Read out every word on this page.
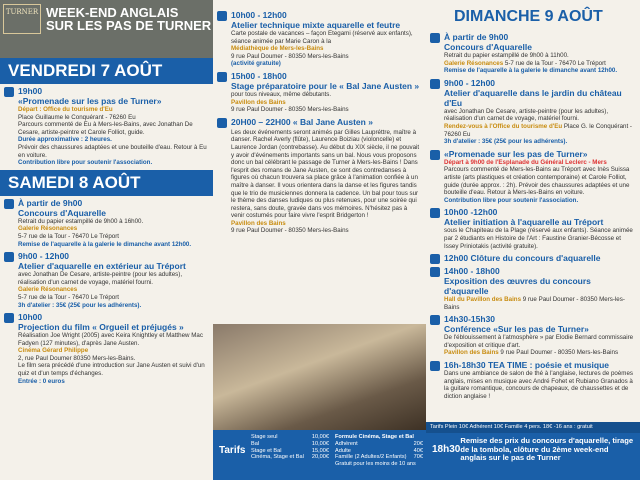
TURNER WEEK-END ANGLAIS
SUR LES PAS DE TURNER
VENDREDI 7 AOÛT
19h00
«Promenade sur les pas de Turner»
Départ : Office du tourisme d'Eu
Place Guillaume le Conquérant - 76260 Eu
Parcours commenté de Eu à Mers-les-Bains, avec Jonathan De Cesare, artiste-peintre et Carole Folliot, guide.
Durée approximative : 2 heures.
Prévoir des chaussures adaptées et une bouteille d'eau. Retour à Eu en voiture.
Contribution libre pour soutenir l'association.
SAMEDI 8 AOÛT
À partir de 9h00
Concours d'Aquarelle
Retrait du papier estampillé de 9h00 à 16h00.
Galerie Résonances
5-7 rue de la Tour - 76470 Le Tréport
Remise de l'aquarelle à la galerie le dimanche avant 12h00.
9h00 - 12h00
Atelier d'aquarelle en extérieur au Tréport
avec Jonathan De Cesare, artiste-peintre (pour les adultes), réalisation d'un carnet de voyage, matériel fourni.
Galerie Résonances
5-7 rue de la Tour - 76470 Le Tréport
3h d'atelier : 35€ (25€ pour les adhérents).
10h00
Projection du film « Orgueil et préjugés »
Réalisation Joe Wright (2005) avec Keira Knightley et Matthew Mac Fadyen (127 minutes), d'après Jane Austen.
Cinéma Gérard Philippe
2, rue Paul Doumer 80350 Mers-les-Bains.
Le film sera précédé d'une introduction sur Jane Austen et suivi d'un quiz et d'un temps d'échanges.
Entrée : 0 euros
10h00 - 12h00
Atelier technique mixte aquarelle et feutre
Carte postale de vacances – façon Etegami (réservé aux enfants), séance animée par Marie Caron à la
Médiathèque de Mers-les-Bains
9 rue Paul Doumer - 80350 Mers-les-Bains
(activité gratuite)
15h00 - 18h00
Stage préparatoire pour le « Bal Jane Austen »
pour tous niveaux, même débutants.
Pavillon des Bains
9 rue Paul Doumer - 80350 Mers-les-Bains
20H00 – 22H00 « Bal Jane Austen »
Les deux événements seront animés par Gilles Laupréttre, maître à danser. Rachel Averly (flûte), Laurence Boiziau (violoncelle) et Laurence Jordan (contrebasse). Au début du XIX siècle, il ne pouvait y avoir d'événements importants sans un bal. Nous vous proposons donc un bal célébrant le passage de Turner à Mers-les-Bains ! Dans l'esprit des romans de Jane Austen, ce sont des contredanses à figures où chacun trouvera sa place grâce à l'animation confiée à un maître à danser. Il vous orientera dans la danse et les figures tandis que le trio de musiciennes donnera la cadence. Un bal pour tous sur le thème des danses ludiques ou plus retenues, pour une soirée qui restera, sans doute, gravée dans vos mémoires. N'hésitez pas à venir costumés pour faire vivre l'esprit Bridgerton !
Pavillon des Bains
9 rue Paul Doumer - 80350 Mers-les-Bains
Tarifs
Stage seul	10,00€
Bal	10,00€
Stage et Bal	15,00€
Cinéma, Stage et Bal 20,00€
Formule Cinéma, Stage et Bal
Adhérent	20€
Adulte	40€
Famille (2 Adultes/2 Enfants) 70€
Gratuit pour les moins de 10 ans
DIMANCHE 9 AOÛT
À partir de 9h00
Concours d'Aquarelle
Retrait du papier estampillé de 9h00 à 11h00.
Galerie Résonances 5-7 rue de la Tour - 76470 Le Tréport
Remise de l'aquarelle à la galerie le dimanche avant 12h00.
9h00 - 12h00
Atelier d'aquarelle dans le jardin du château d'Eu
avec Jonathan De Cesare, artiste-peintre (pour les adultes), réalisation d'un carnet de voyage, matériel fourni.
Rendez-vous à l'Office du tourisme d'Eu Place G. le Conquérant - 76260 Eu
3h d'atelier : 35€ (25€ pour les adhérents).
«Promenade sur les pas de Turner»
Départ à 9h00 de l'Esplanade du Général Leclerc - Mers
Parcours commenté de Mers-les-Bains au Tréport avec Inès Suissa artiste (arts plastiques et création contemporaine) et Carole Folliot, guide (durée approx. : 2h). Prévoir des chaussures adaptées et une bouteille d'eau. Retour à Mers-les-Bains en voiture.
Contribution libre pour soutenir l'association.
10h00 -12h00
Atelier initiation à l'aquarelle au Tréport
sous le Chapiteau de la Plage (réservé aux enfants). Séance animée par 2 étudiants en Histoire de l'Art : Faustine Granier-Bécosse et Issey Priniotakis (activité gratuite).
12h00 Clôture du concours d'aquarelle
14h00 - 18h00
Exposition des œuvres du concours d'aquarelle
Hall du Pavillon des Bains 9 rue Paul Doumer - 80350 Mers-les-Bains
14h30-15h30
Conférence «Sur les pas de Turner»
De l'éblouissement à l'atmosphère » par Elodie Bernard commissaire d'exposition et critique d'art.
Pavillon des Bains 9 rue Paul Doumer - 80350 Mers-les-Bains
16h-18h30 TEA TIME : poésie et musique
Dans une ambiance de salon de thé à l'anglaise, lectures de poèmes anglais, mises en musique avec André Fohet et Rubiano Granados à la guitare romantique, concours de chapeaux, de chaussettes et de diction anglaise !
Tarifs Plein 10€ Adhérent 10€ Famille 4 pers. 18€ -16 ans : gratuit
18h30
Remise des prix du concours d'aquarelle, tirage de la tombola, clôture du 2ème week-end anglais sur le pas de Turner
